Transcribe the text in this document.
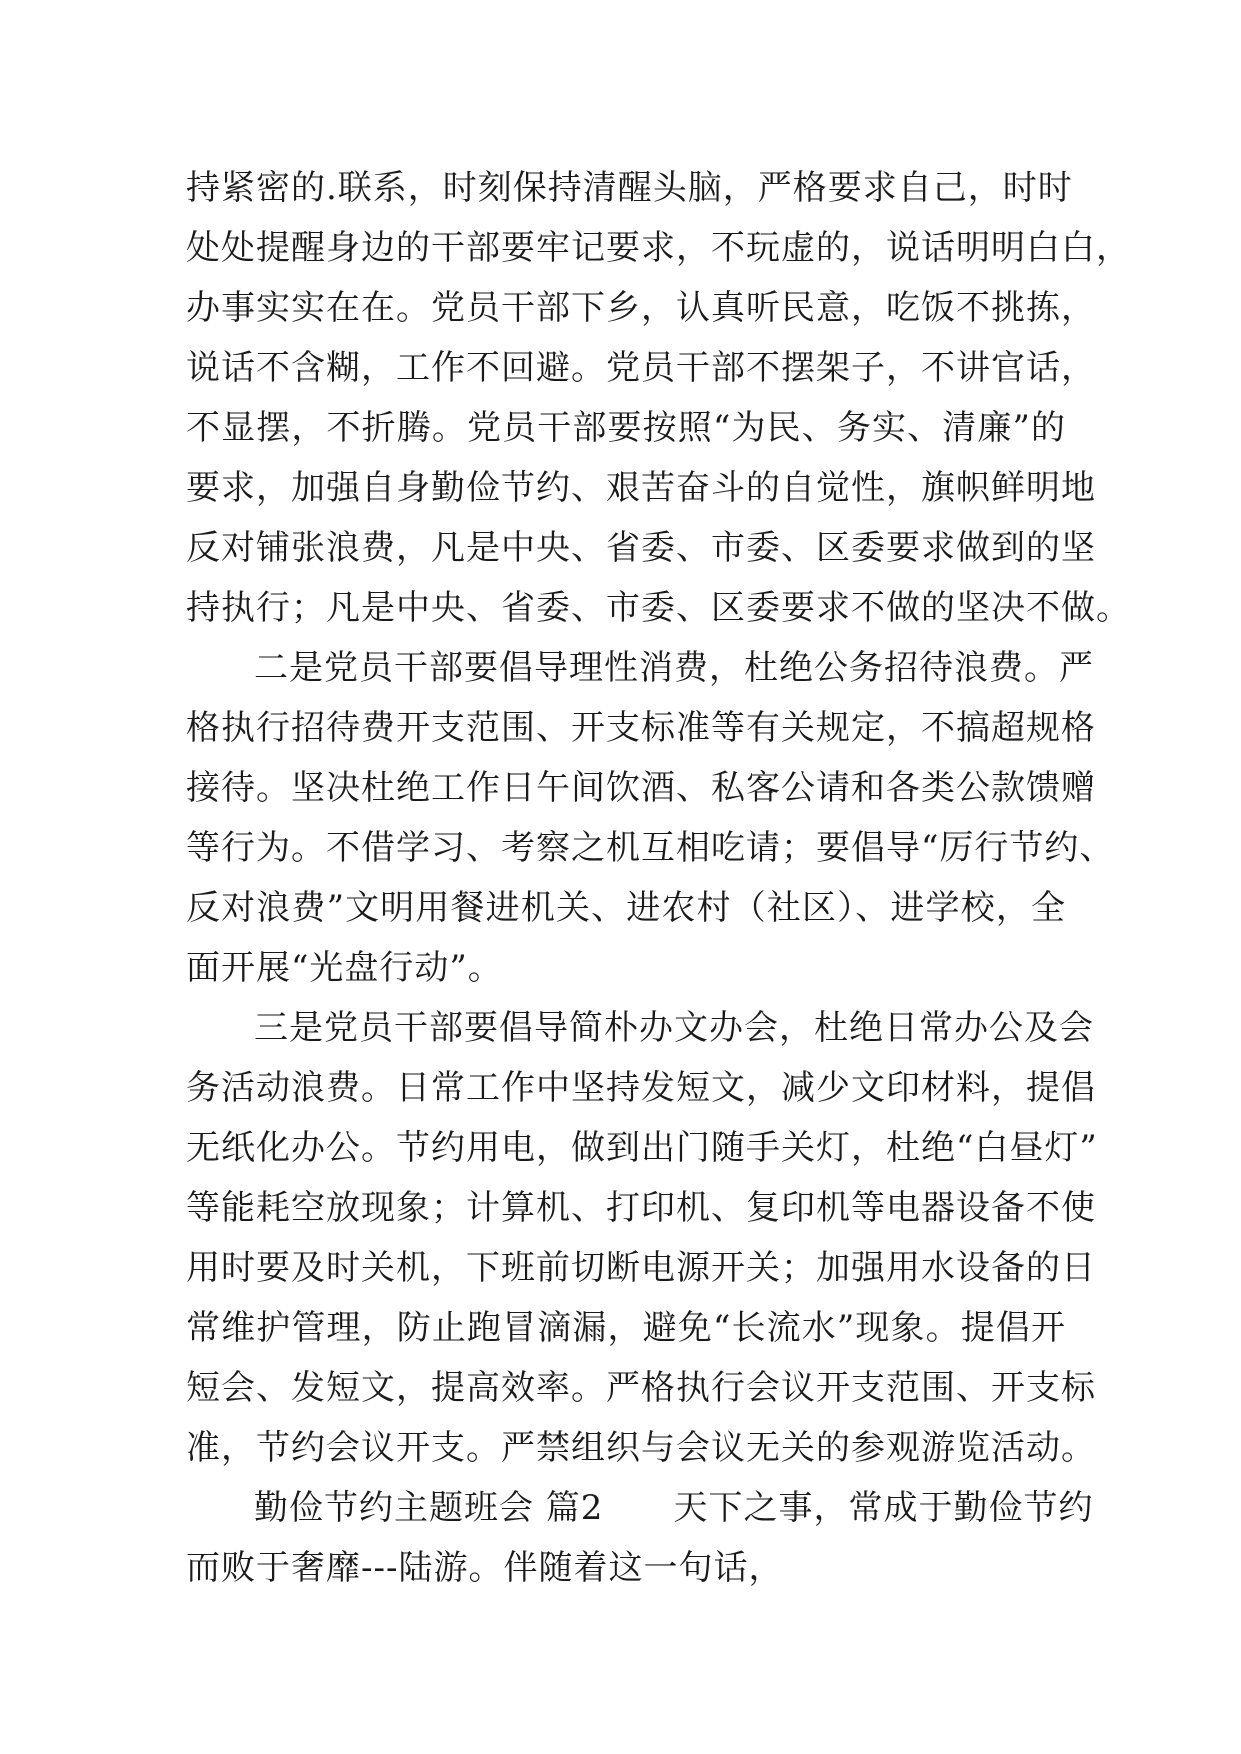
持紧密的.联系，时刻保持清醒头脑，严格要求自己，时时
处处提醒身边的干部要牢记要求，不玩虚的，说话明明白白，
办事实实在在。党员干部下乡，认真听民意，吃饭不挑拣，
说话不含糊，工作不回避。党员干部不摆架子，不讲官话，
不显摆，不折腾。党员干部要按照“为民、务实、清廉”的
要求，加强自身勤俭节约、艰苦奋斗的自觉性，旗帜鲜明地
反对铺张浪费，凡是中央、省委、市委、区委要求做到的坚
持执行；凡是中央、省委、市委、区委要求不做的坚决不做。
二是党员干部要倡导理性消费，杜绝公务招待浪费。严
格执行招待费开支范围、开支标准等有关规定，不搞超规格
接待。坚决杜绝工作日午间饮酒、私客公请和各类公款馈赠
等行为。不借学习、考察之机互相吃请；要倡导“厉行节约、
反对浪费”文明用餐进机关、进农村（社区）、进学校，全
面开展“光盘行动”。
三是党员干部要倡导简朴办文办会，杜绝日常办公及会
务活动浪费。日常工作中坚持发短文，减少文印材料，提倡
无纸化办公。节约用电，做到出门随手关灯，杜绝“白昼灯”
等能耗空放现象；计算机、打印机、复印机等电器设备不使
用时要及时关机，下班前切断电源开关；加强用水设备的日
常维护管理，防止跑冒滴漏，避免“长流水”现象。提倡开
短会、发短文，提高效率。严格执行会议开支范围、开支标
准，节约会议开支。严禁组织与会议无关的参观游览活动。
勤俭节约主题班会 篇2　　天下之事，常成于勤俭节约
而败于奢靡---陆游。伴随着这一句话，
